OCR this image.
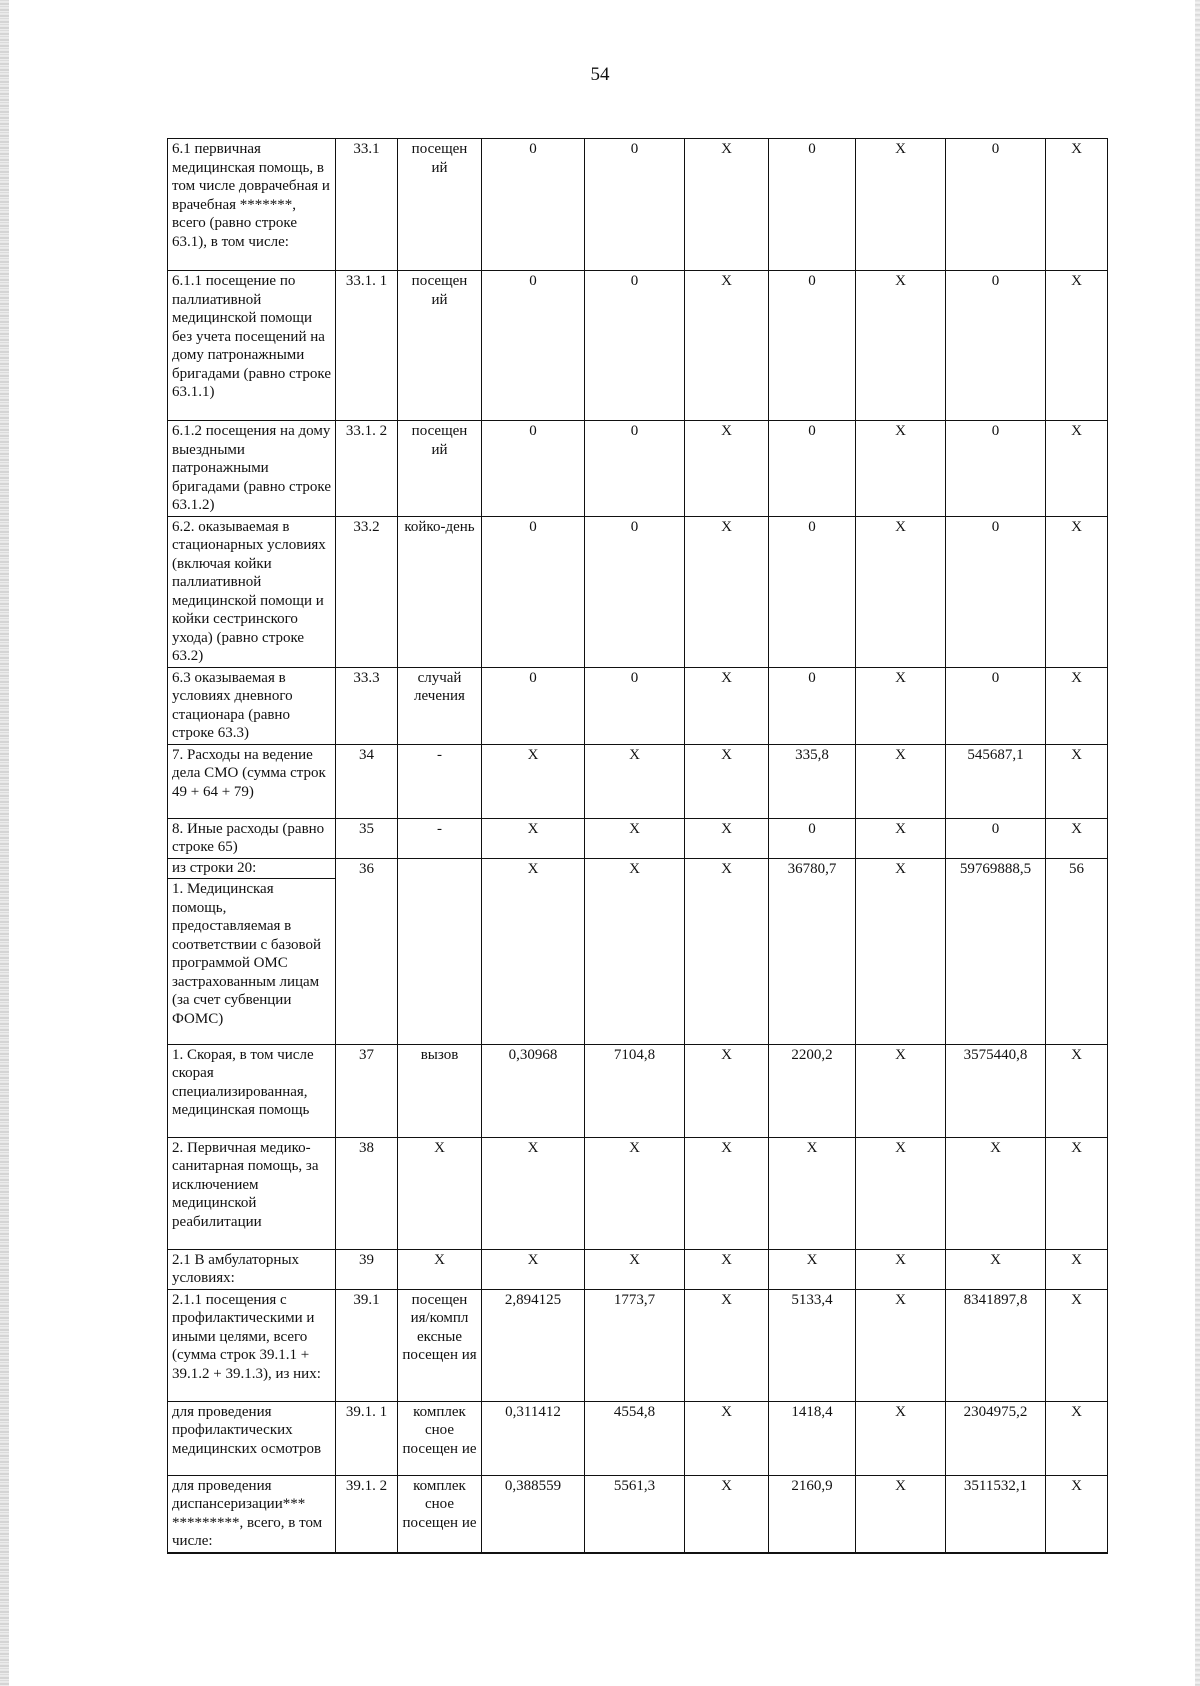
54
6.1 первичная медицинская помощь, в том числе доврачебная и врачебная *******, всего (равно строке 63.1), в том числе:	33.1	посещен ий	0	0	Х	0	Х	0	Х
6.1.1 посещение по паллиативной медицинской помощи без учета посещений на дому патронажными бригадами (равно строке 63.1.1)	33.1. 1	посещен ий	0	0	Х	0	Х	0	Х
6.1.2 посещения на дому выездными патронажными бригадами (равно строке 63.1.2)	33.1. 2	посещен ий	0	0	Х	0	Х	0	Х
6.2. оказываемая в стационарных условиях (включая койки паллиативной медицинской помощи и койки сестринского ухода) (равно строке 63.2)	33.2	койко-день	0	0	Х	0	Х	0	Х
6.3 оказываемая в условиях дневного стационара (равно строке 63.3)	33.3	случай лечения	0	0	Х	0	Х	0	Х
7. Расходы на ведение дела СМО (сумма строк 49 + 64 + 79)	34	-	Х	Х	Х	335,8	Х	545687,1	Х
8. Иные расходы (равно строке 65)	35	-	Х	Х	Х	0	Х	0	Х

из строки 20:
1. Медицинская помощь, предоставляемая в соответствии с базовой программой ОМС застрахованным лицам (за счет субвенции ФОМС)	36		Х	Х	Х	36780,7	Х	59769888,5	56
1. Скорая, в том числе скорая специализированная, медицинская помощь	37	вызов	0,30968	7104,8	Х	2200,2	Х	3575440,8	Х
2. Первичная медико-санитарная помощь, за исключением медицинской реабилитации	38	Х	Х	Х	Х	Х	Х	Х	Х
2.1 В амбулаторных условиях:	39	Х	Х	Х	Х	Х	Х	Х	Х
2.1.1 посещения с профилактическими и иными целями, всего (сумма строк 39.1.1 + 39.1.2 + 39.1.3), из них:	39.1	посещен ия/компл ексные посещен ия	2,894125	1773,7	Х	5133,4	Х	8341897,8	Х
для проведения профилактических медицинских осмотров	39.1. 1	комплек сное посещен ие	0,311412	4554,8	Х	1418,4	Х	2304975,2	Х
для проведения диспансеризации*** *********, всего, в том числе:	39.1. 2	комплек сное посещен ие	0,388559	5561,3	Х	2160,9	Х	3511532,1	Х
